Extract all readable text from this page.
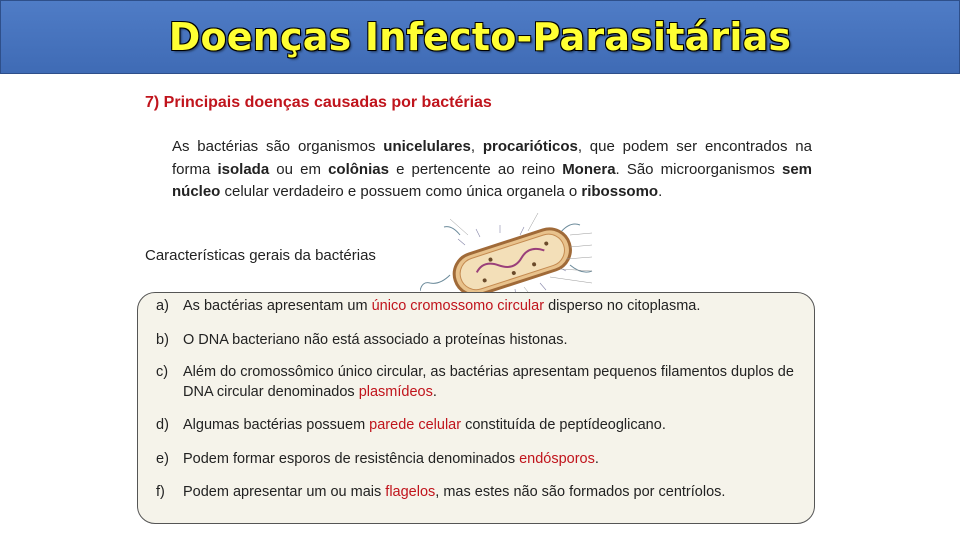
Doenças Infecto-Parasitárias
7) Principais doenças causadas por bactérias
As bactérias são organismos unicelulares, procarióticos, que podem ser encontrados na forma isolada ou em colônias e pertencente ao reino Monera. São microorganismos sem núcleo celular verdadeiro e possuem como única organela o ribossomo.
Características gerais da bactérias
a) As bactérias apresentam um único cromossomo circular disperso no citoplasma.
b) O DNA bacteriano não está associado a proteínas histonas.
c)	Além do cromossômico único circular, as bactérias apresentam pequenos filamentos duplos de DNA circular denominados plasmídeos.
d) Algumas bactérias possuem parede celular constituída de peptídeoglicano.
e) Podem formar esporos de resistência denominados endósporos.
f)	Podem apresentar um ou mais flagelos, mas estes não são formados por centríolos.
